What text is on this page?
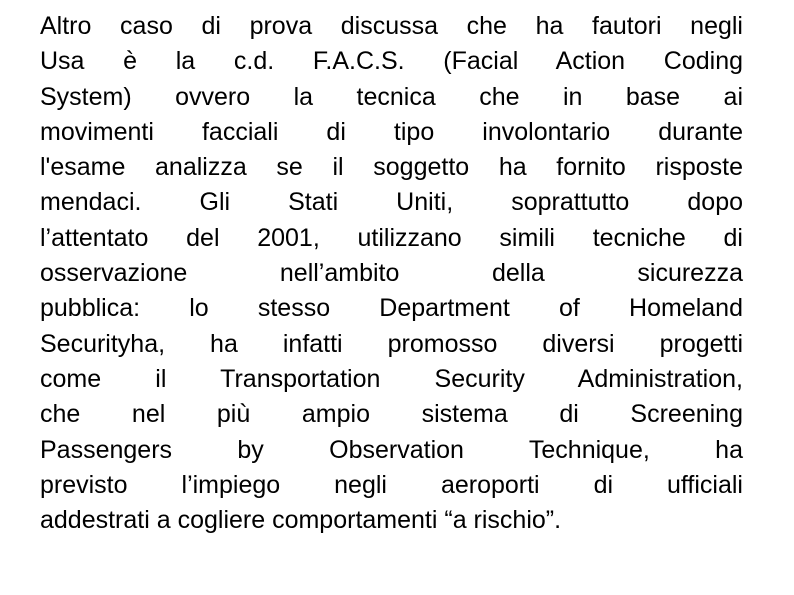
Altro caso di prova discussa che ha fautori negli
Usa è la c.d. F.A.C.S. (Facial Action Coding
System) ovvero la tecnica che in base ai
movimenti facciali di tipo involontario durante
l'esame analizza se il soggetto ha fornito risposte
mendaci. Gli Stati Uniti, soprattutto dopo
l’attentato del 2001, utilizzano simili tecniche di
osservazione nell’ambito della sicurezza
pubblica: lo stesso Department of Homeland
Securityha, ha infatti promosso diversi progetti
come il Transportation Security Administration,
che nel più ampio sistema di Screening
Passengers by Observation Technique, ha
previsto l’impiego negli aeroporti di ufficiali
addestrati a cogliere comportamenti “a rischio”.
